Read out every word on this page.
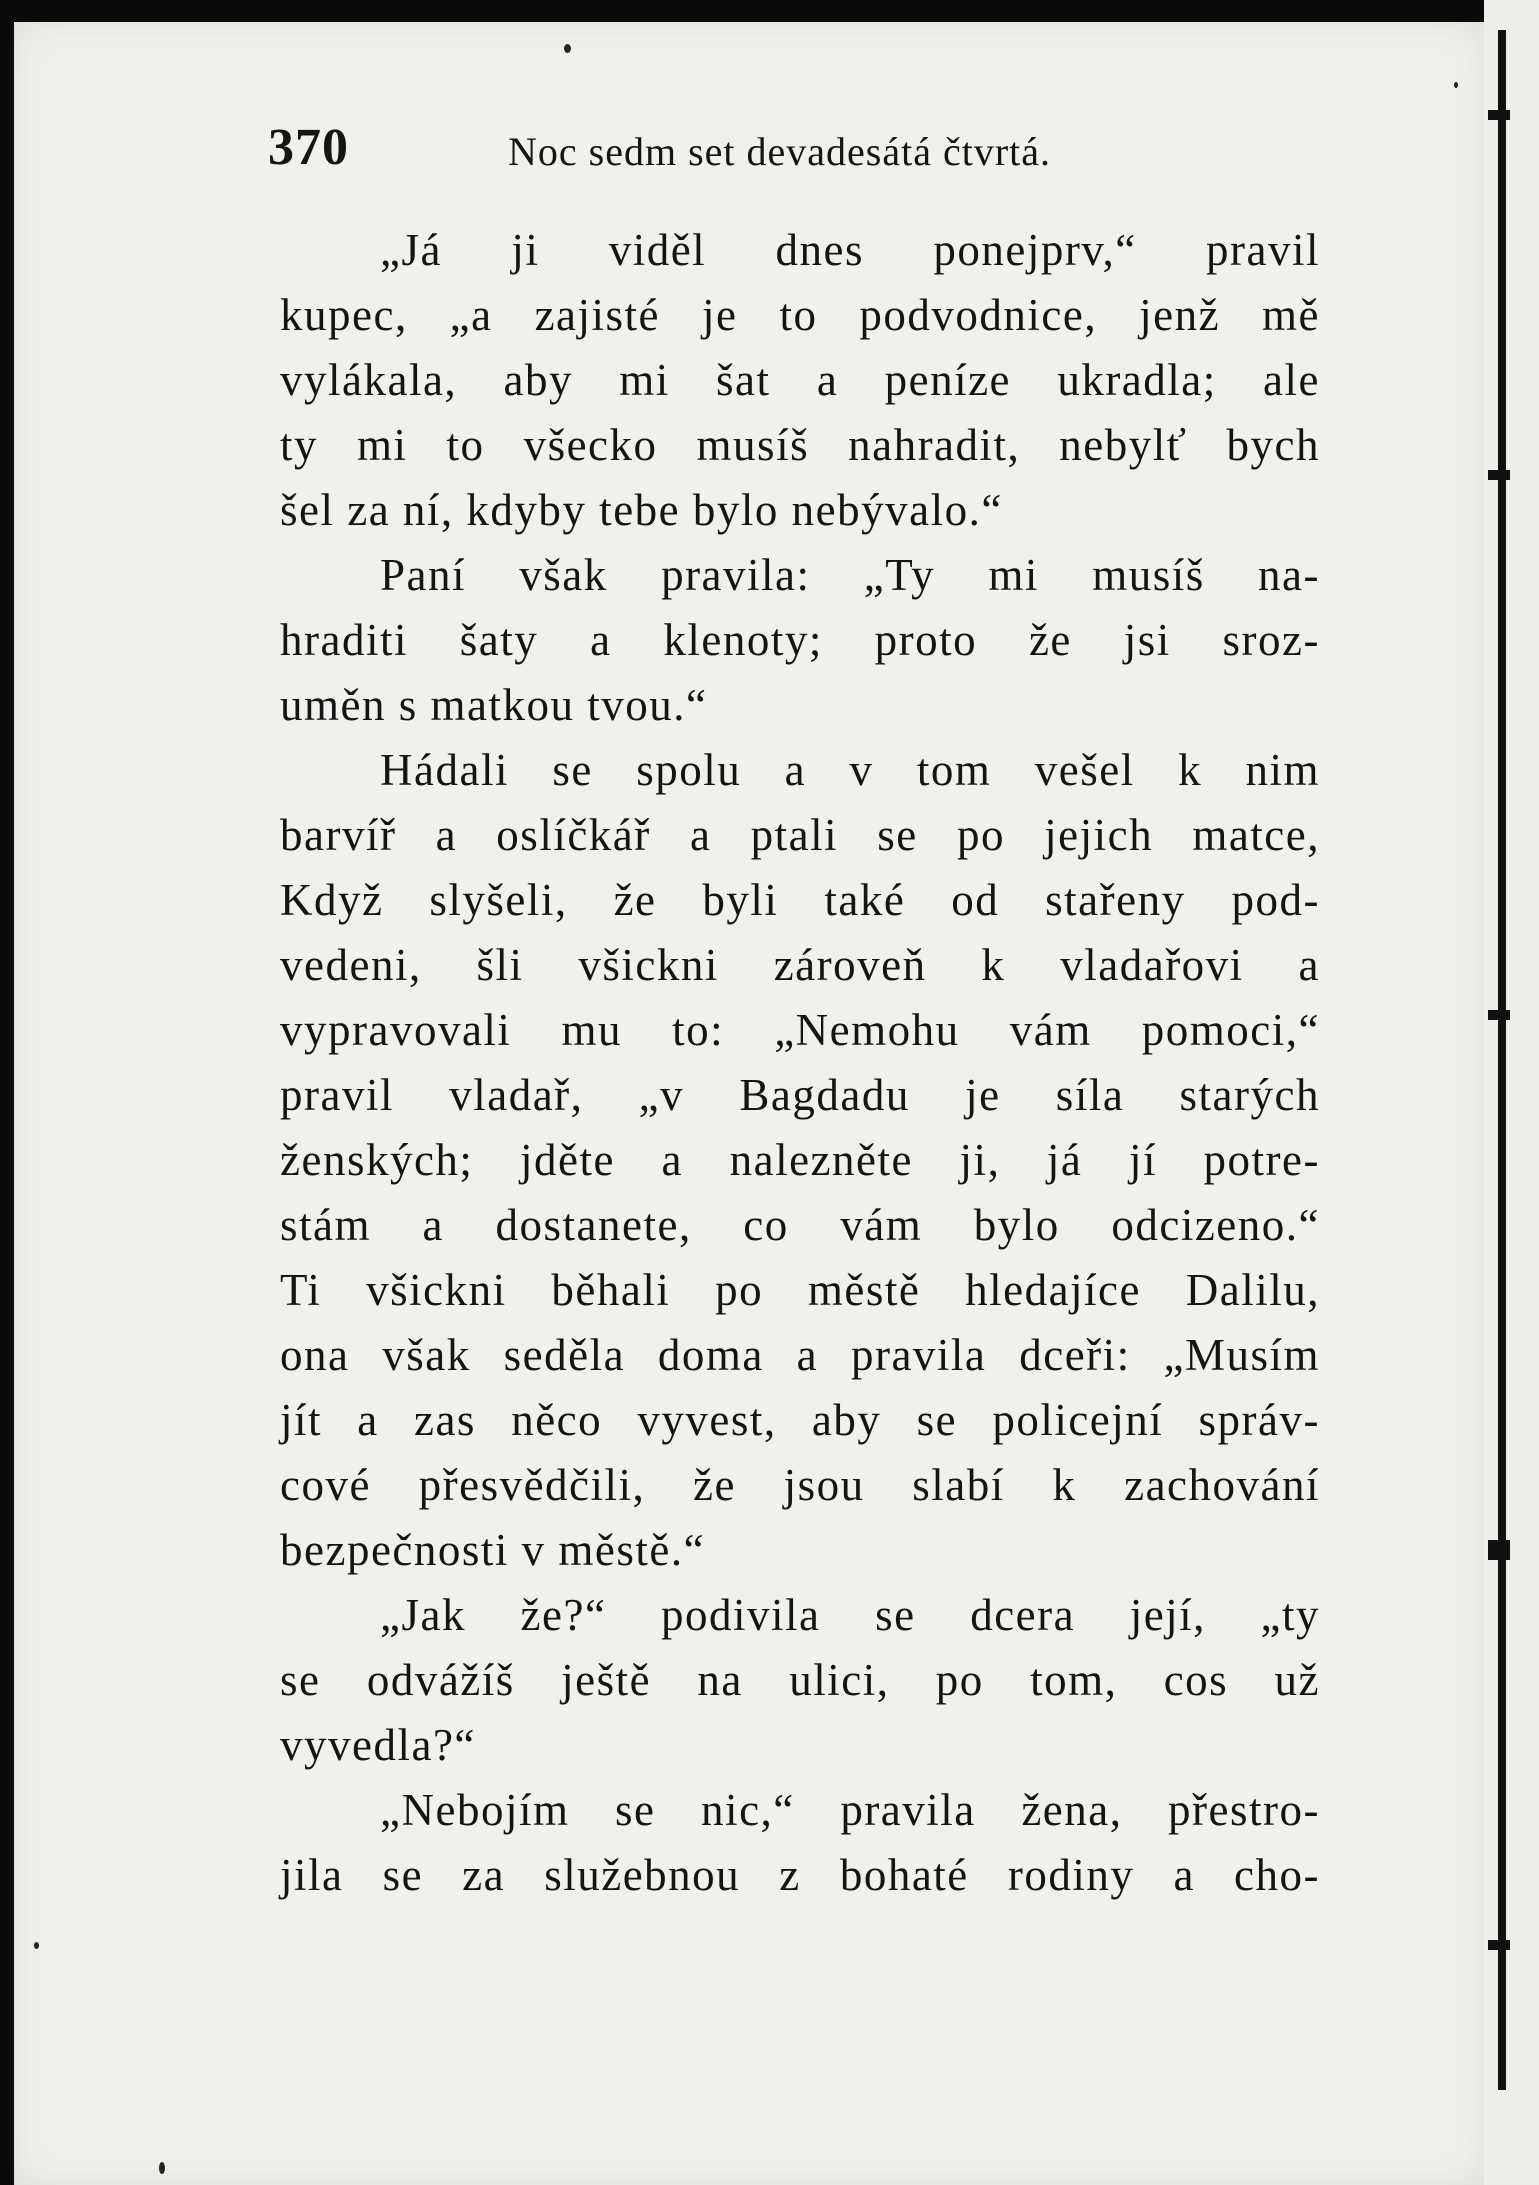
370	Noc sedm set devadesátá čtvrtá.
„Já ji viděl dnes ponejprv,“ pravil
kupec, „a zajisté je to podvodnice, jenž mě
vylákala, aby mi šat a peníze ukradla; ale
ty mi to všecko musíš nahradit, nebylť bych
šel za ní, kdyby tebe bylo nebývalo.“
Paní však pravila: „Ty mi musíš na-
hraditi šaty a klenoty; proto že jsi sroz-
uměn s matkou tvou.“
Hádali se spolu a v tom vešel k nim
barvíř a oslíčkář a ptali se po jejich matce,
Když slyšeli, že byli také od stařeny pod-
vedeni, šli všickni zároveň k vladařovi a
vypravovali mu to: „Nemohu vám pomoci,“
pravil vladař, „v Bagdadu je síla starých
ženských; jděte a nalezněte ji, já jí potre-
stám a dostanete, co vám bylo odcizeno.“
Ti všickni běhali po městě hledajíce Dalilu,
ona však seděla doma a pravila dceři: „Musím
jít a zas něco vyvest, aby se policejní správ-
cové přesvědčili, že jsou slabí k zachování
bezpečnosti v městě.“
„Jak že?“ podivila se dcera její, „ty
se odvážíš ještě na ulici, po tom, cos už
vyvedla?“
„Nebojím se nic,“ pravila žena, přestro-
jila se za služebnou z bohaté rodiny a cho-
